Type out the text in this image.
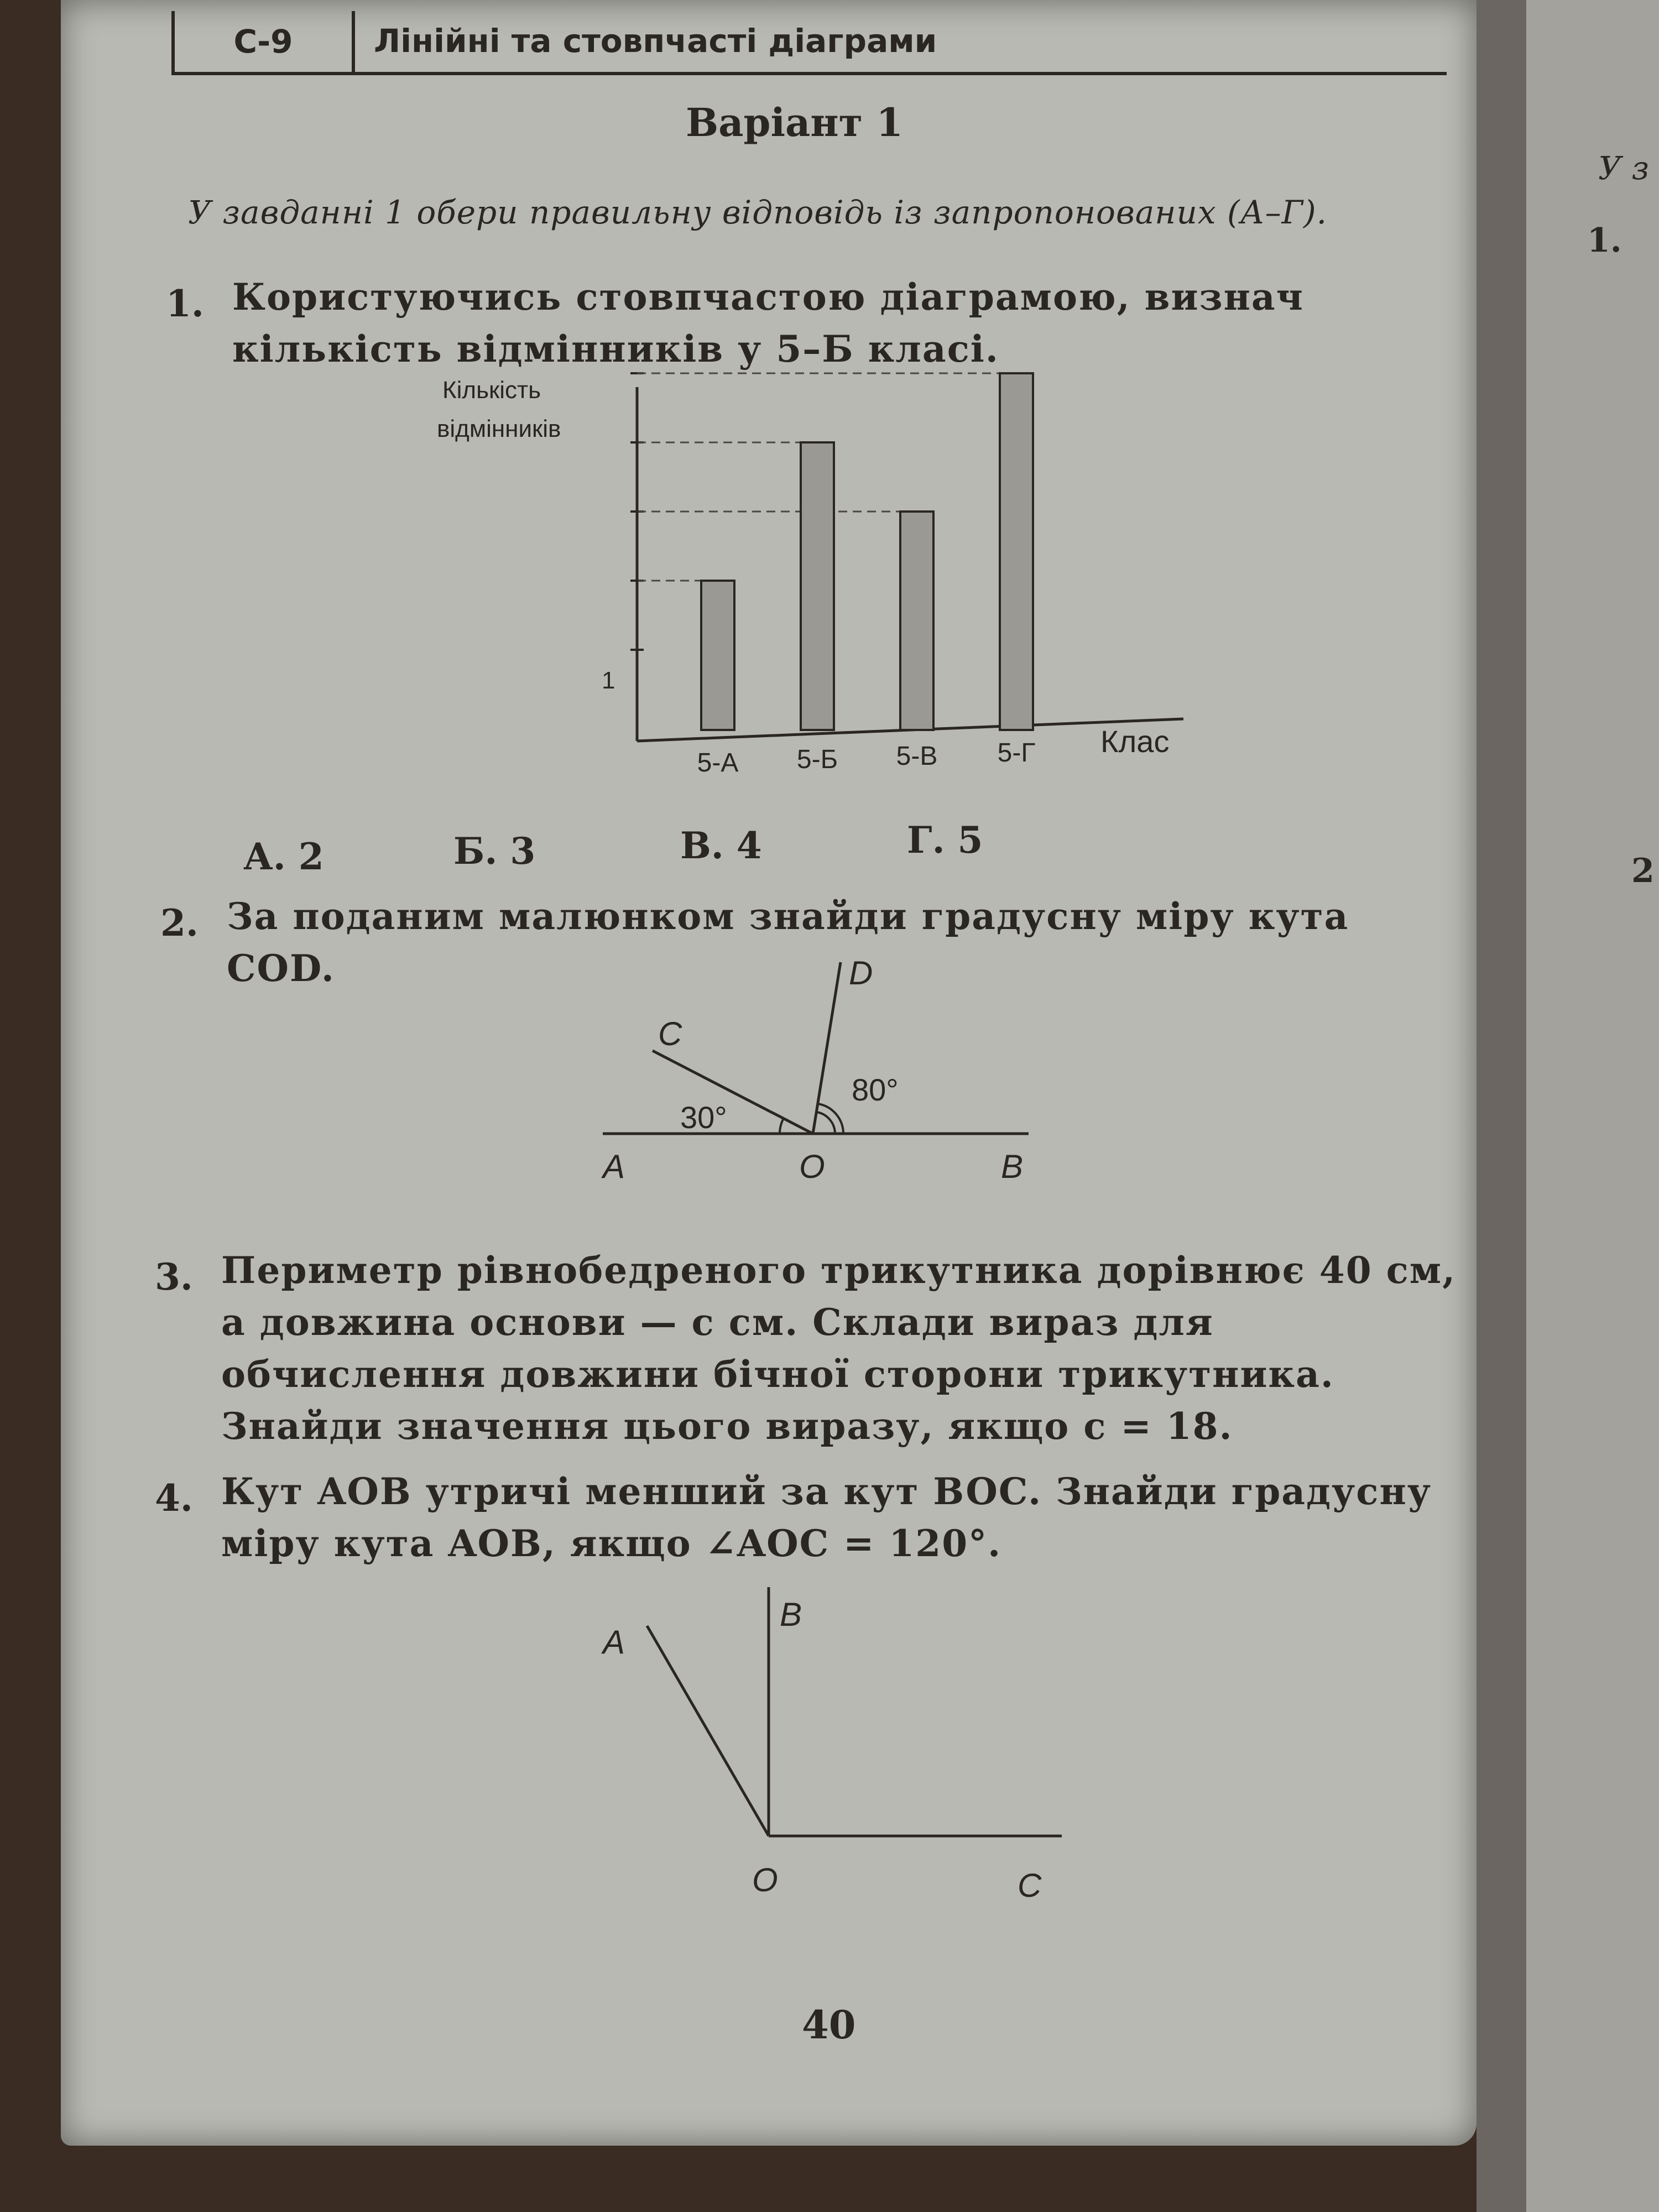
С-9	Лінійні та стовпчасті діаграми
Варіант 1
У завданні 1 обери правильну відповідь із запропонованих (А–Г).
1. Користуючись стовпчастою діаграмою, визнач кількість відмінників у 5–Б класі.
Кількість
відмінників
1
Клас
5-А 5-Б 5-В 5-Г
А. 2	Б. 3	В. 4	Г. 5
2. За поданим малюнком знайди градусну міру кута COD.
A	O	B
C
D
30°
80°
3. Периметр рівнобедреного трикутника дорівнює 40 см, а довжина основи — c см. Склади вираз для обчислення довжини бічної сторони трикутника. Знайди значення цього виразу, якщо c = 18.
4. Кут AOB утричі менший за кут BOC. Знайди градусну міру кута AOB, якщо ∠AOC = 120°.
B
A
O	C
40
У з
1.
2
